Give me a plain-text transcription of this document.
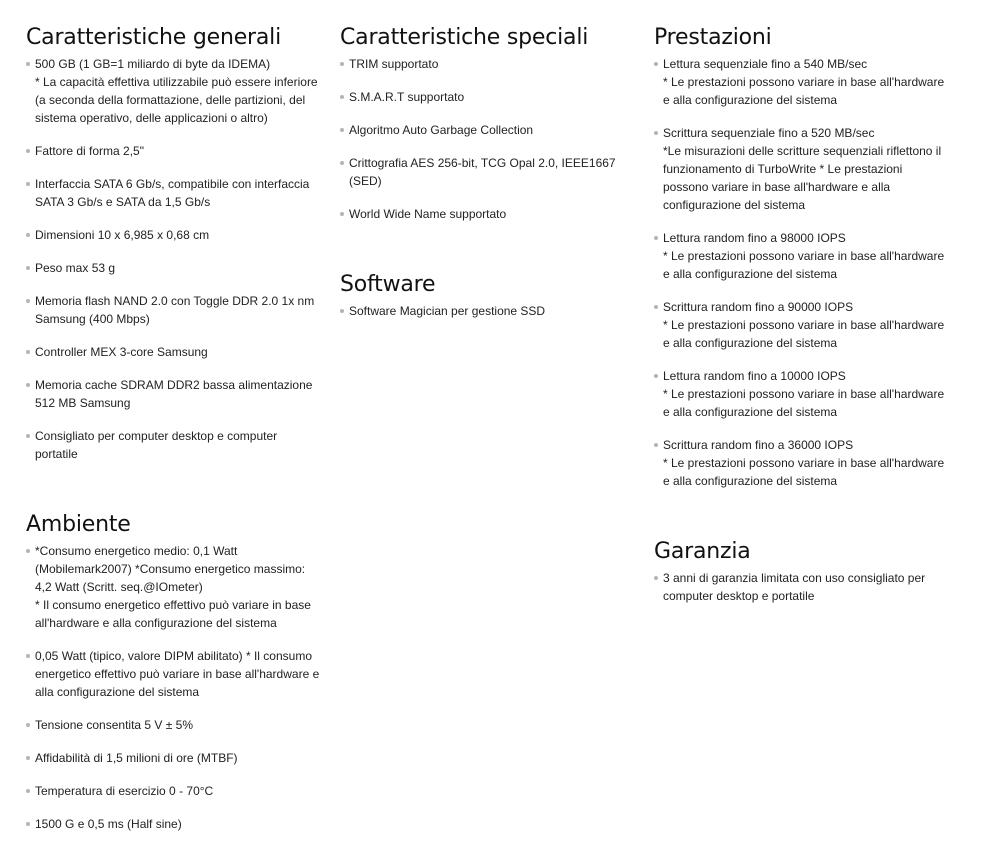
Caratteristiche generali
500 GB (1 GB=1 miliardo di byte da IDEMA)
* La capacità effettiva utilizzabile può essere inferiore (a seconda della formattazione, delle partizioni, del sistema operativo, delle applicazioni o altro)
Fattore di forma 2,5"
Interfaccia SATA 6 Gb/s, compatibile con interfaccia SATA 3 Gb/s e SATA da 1,5 Gb/s
Dimensioni 10 x 6,985 x 0,68 cm
Peso max 53 g
Memoria flash NAND 2.0 con Toggle DDR 2.0 1x nm Samsung (400 Mbps)
Controller MEX 3-core Samsung
Memoria cache SDRAM DDR2 bassa alimentazione 512 MB Samsung
Consigliato per computer desktop e computer portatile
Ambiente
*Consumo energetico medio: 0,1 Watt (Mobilemark2007) *Consumo energetico massimo: 4,2 Watt (Scritt. seq.@IOmeter)
* Il consumo energetico effettivo può variare in base all'hardware e alla configurazione del sistema
0,05 Watt (tipico, valore DIPM abilitato) * Il consumo energetico effettivo può variare in base all'hardware e alla configurazione del sistema
Tensione consentita 5 V ± 5%
Affidabilità di 1,5 milioni di ore (MTBF)
Temperatura di esercizio 0 - 70°C
1500 G e 0,5 ms (Half sine)
Caratteristiche speciali
TRIM supportato
S.M.A.R.T supportato
Algoritmo Auto Garbage Collection
Crittografia AES 256-bit, TCG Opal 2.0, IEEE1667 (SED)
World Wide Name supportato
Software
Software Magician per gestione SSD
Prestazioni
Lettura sequenziale fino a 540 MB/sec
* Le prestazioni possono variare in base all'hardware e alla configurazione del sistema
Scrittura sequenziale fino a 520 MB/sec
*Le misurazioni delle scritture sequenziali riflettono il funzionamento di TurboWrite * Le prestazioni possono variare in base all'hardware e alla configurazione del sistema
Lettura random fino a 98000 IOPS
* Le prestazioni possono variare in base all'hardware e alla configurazione del sistema
Scrittura random fino a 90000 IOPS
* Le prestazioni possono variare in base all'hardware e alla configurazione del sistema
Lettura random fino a 10000 IOPS
* Le prestazioni possono variare in base all'hardware e alla configurazione del sistema
Scrittura random fino a 36000 IOPS
* Le prestazioni possono variare in base all'hardware e alla configurazione del sistema
Garanzia
3 anni di garanzia limitata con uso consigliato per computer desktop e portatile
